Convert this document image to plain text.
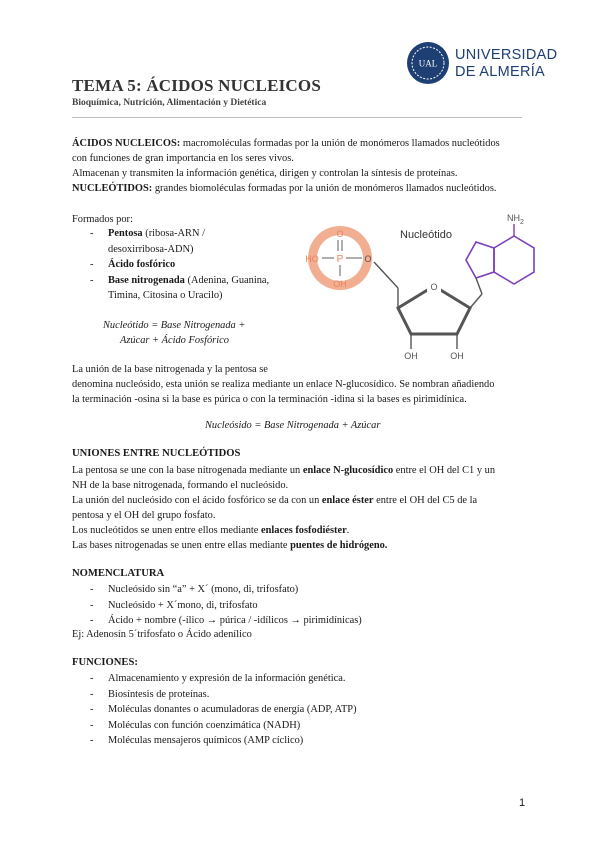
TEMA 5: ÁCIDOS NUCLEICOS
Bioquímica, Nutrición, Alimentación y Dietética
UAL
UNIVERSIDAD
DE ALMERÍA
ÁCIDOS NUCLEICOS: macromoléculas formadas por la unión de monómeros llamados nucleótidos
con funciones de gran importancia en los seres vivos.
Almacenan y transmiten la información genética, dirigen y controlan la síntesis de proteínas.
NUCLEÓTIDOS: grandes biomoléculas formadas por la unión de monómeros llamados nucleótidos.
Formados por:
- Pentosa (ribosa-ARN /
desoxirribosa-ADN)
- Ácido fosfórico
- Base nitrogenada (Adenina, Guanina,
Timina, Citosina o Uracilo)
Nucleótido = Base Nitrogenada +
Azúcar + Ácido Fosfórico
P
O
HO
OH
O
O
OH	OH
$NH_2$
Nucleótido
La unión de la base nitrogenada y la pentosa se
denomina nucleósido, esta unión se realiza mediante un enlace N-glucosídico. Se nombran añadiendo
la terminación -osina si la base es púrica o con la terminación -idina si la bases es pirimidínica.
Nucleósido = Base Nitrogenada + Azúcar
UNIONES ENTRE NUCLEÓTIDOS
La pentosa se une con la base nitrogenada mediante un enlace N-glucosídico entre el OH del C1 y un
NH de la base nitrogenada, formando el nucleósido.
La unión del nucleósido con el ácido fosfórico se da con un enlace éster entre el OH del C5 de la
pentosa y el OH del grupo fosfato.
Los nucleótidos se unen entre ellos mediante enlaces fosfodiéster.
Las bases nitrogenadas se unen entre ellas mediante puentes de hidrógeno.
NOMENCLATURA
- Nucleósido sin “a” + X´ (mono, di, trifosfato)
- Nucleósido + X´mono, di, trifosfato
- Ácido + nombre (-ílico → púrica / -idílicos → pirimidínicas)
Ej: Adenosín 5´trifosfato o Ácido adenílico
FUNCIONES:
- Almacenamiento y expresión de la información genética.
- Biosíntesis de proteínas.
- Moléculas donantes o acumuladoras de energía (ADP, ATP)
- Moléculas con función coenzimática (NADH)
- Moléculas mensajeros químicos (AMP cíclico)
1
